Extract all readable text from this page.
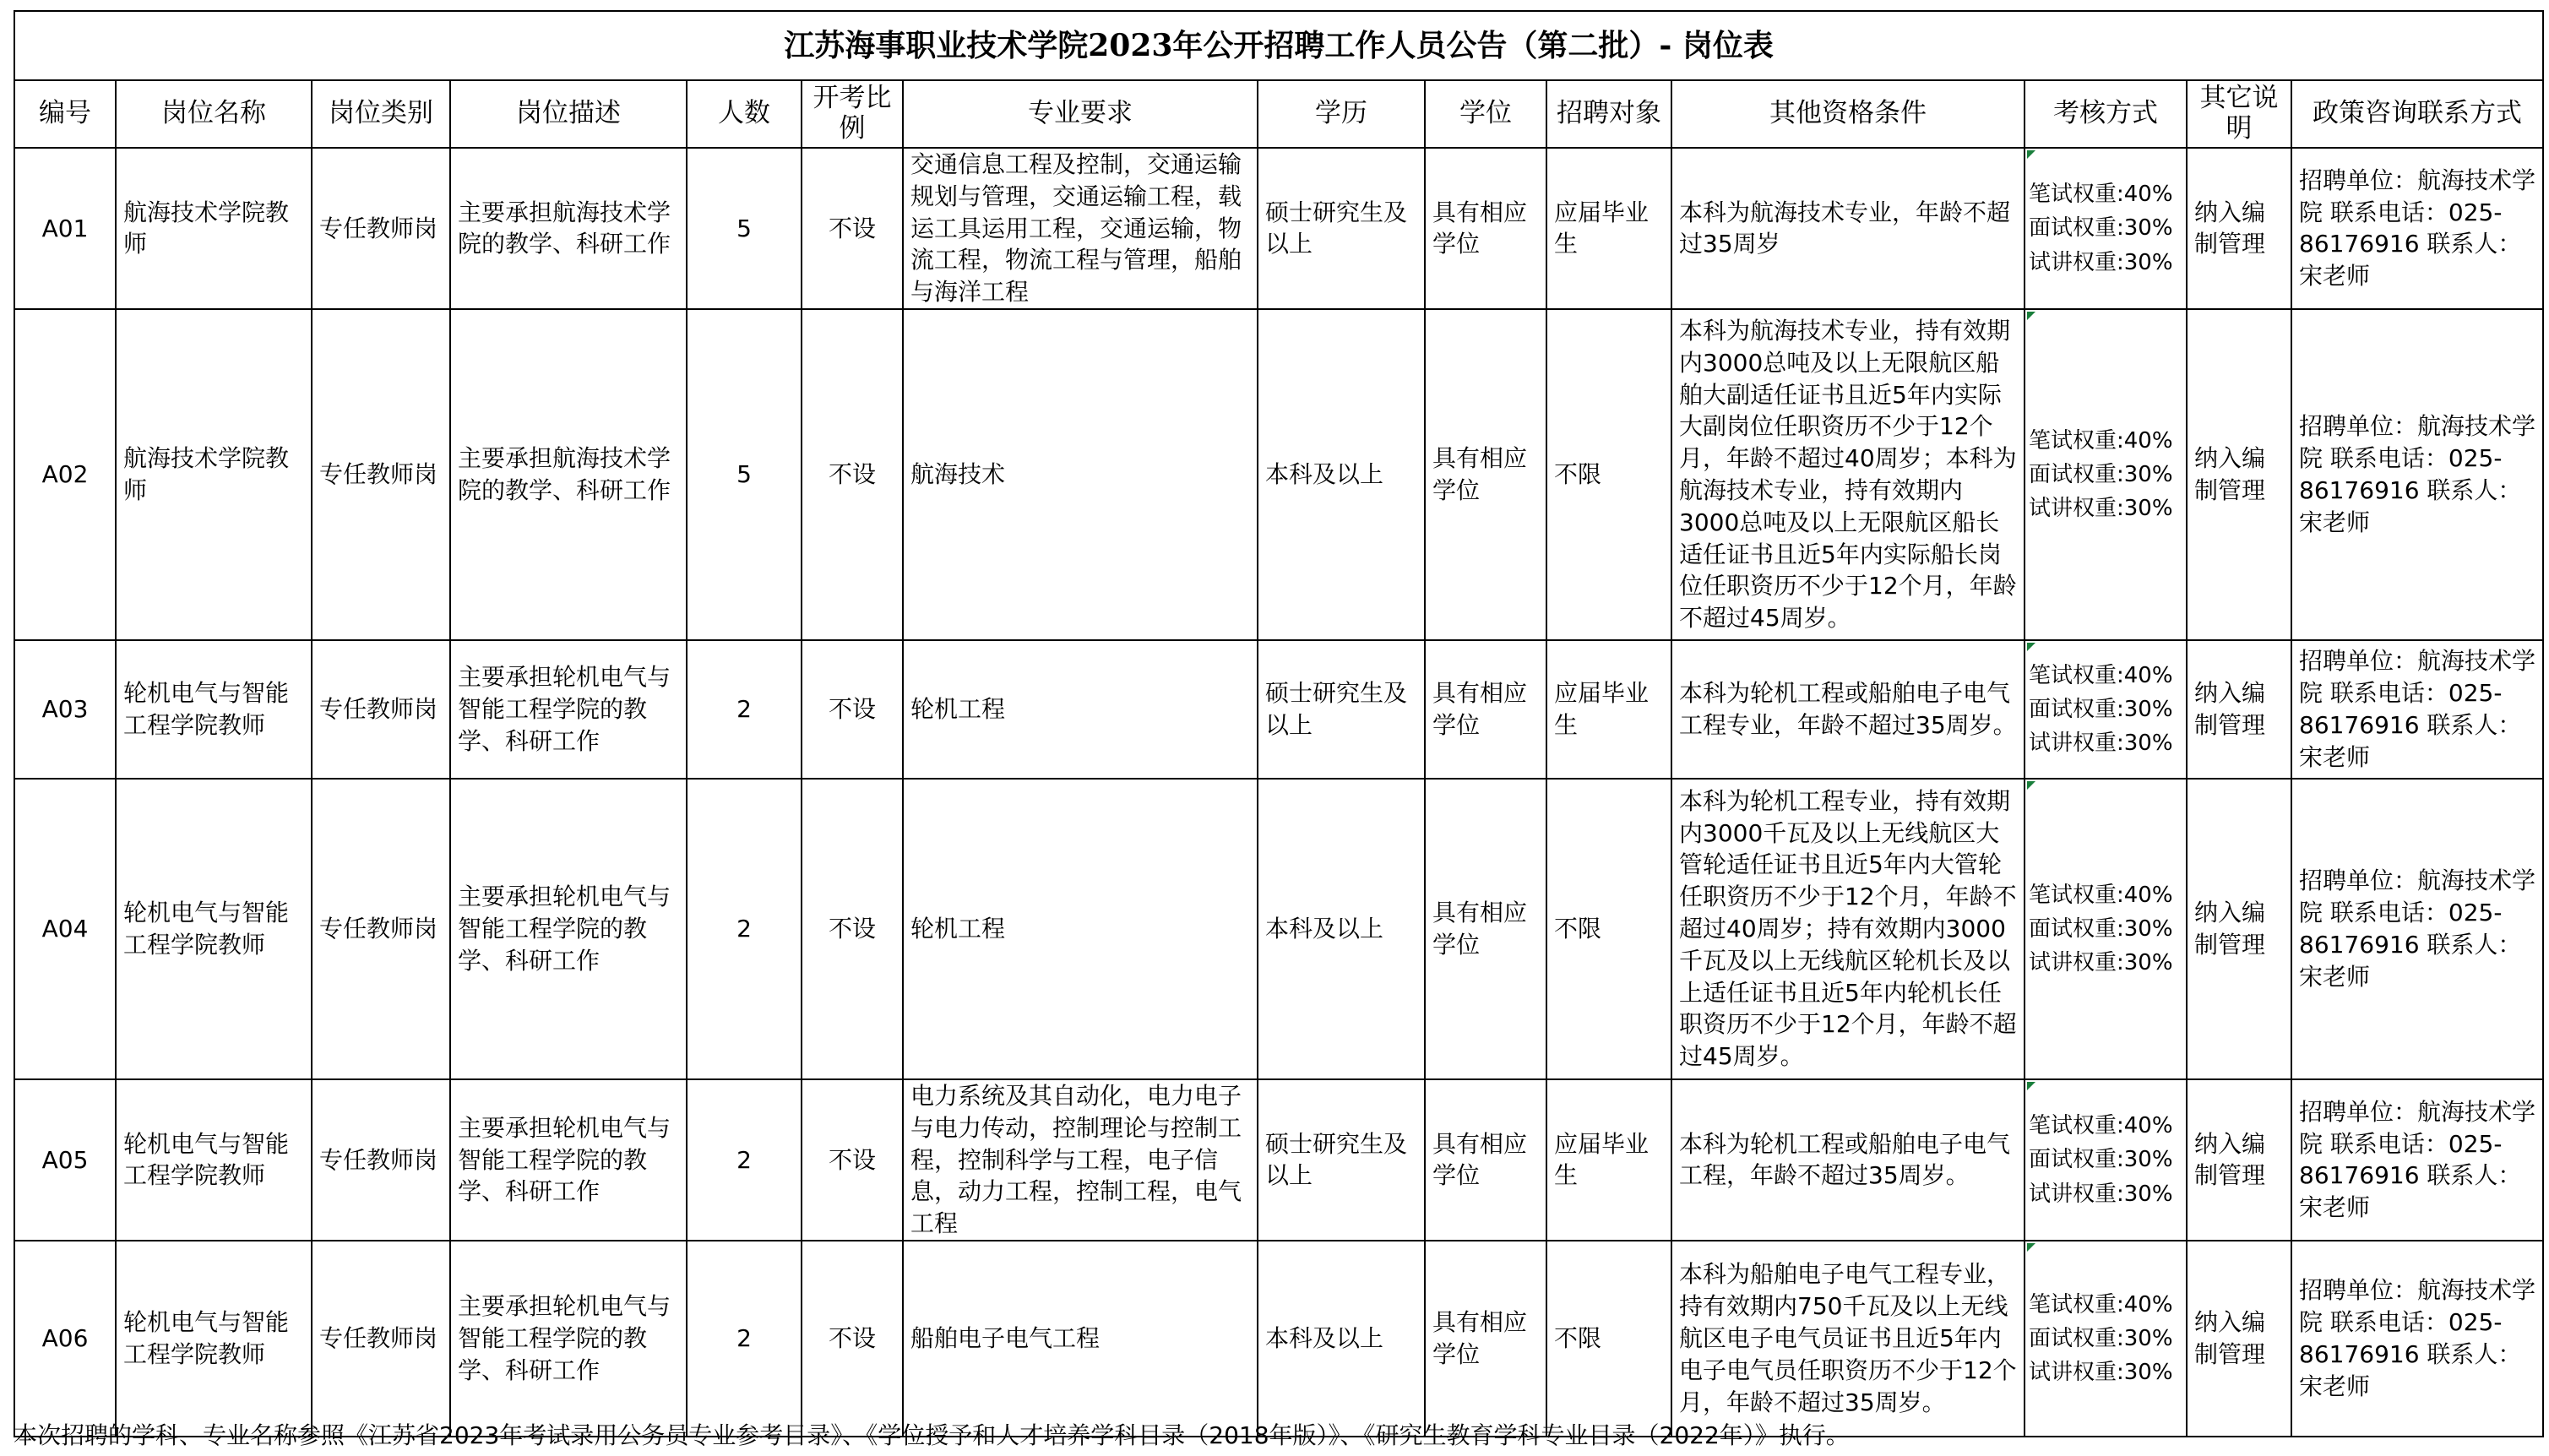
江苏海事职业技术学院2023年公开招聘工作人员公告（第二批）- 岗位表													
编号	岗位名称	岗位类别	岗位描述	人数	开考比例	专业要求	学历	学位	招聘对象	其他资格条件	考核方式	其它说明	政策咨询联系方式
A01	航海技术学院教师	专任教师岗	主要承担航海技术学院的教学、科研工作	5	不设	交通信息工程及控制，交通运输规划与管理，交通运输工程，载运工具运用工程，交通运输，物流工程，物流工程与管理，船舶与海洋工程	硕士研究生及以上	具有相应学位	应届毕业生	本科为航海技术专业，年龄不超过35周岁	笔试权重:40%
面试权重:30%
试讲权重:30%	纳入编制管理	招聘单位：航海技术学院 联系电话：025-86176916 联系人：宋老师
A02	航海技术学院教师	专任教师岗	主要承担航海技术学院的教学、科研工作	5	不设	航海技术	本科及以上	具有相应学位	不限	本科为航海技术专业，持有效期内3000总吨及以上无限航区船舶大副适任证书且近5年内实际大副岗位任职资历不少于12个月，年龄不超过40周岁；本科为航海技术专业，持有效期内3000总吨及以上无限航区船长适任证书且近5年内实际船长岗位任职资历不少于12个月，年龄不超过45周岁。	笔试权重:40%
面试权重:30%
试讲权重:30%	纳入编制管理	招聘单位：航海技术学院 联系电话：025-86176916 联系人：宋老师
A03	轮机电气与智能工程学院教师	专任教师岗	主要承担轮机电气与智能工程学院的教学、科研工作	2	不设	轮机工程	硕士研究生及以上	具有相应学位	应届毕业生	本科为轮机工程或船舶电子电气工程专业，年龄不超过35周岁。	笔试权重:40%
面试权重:30%
试讲权重:30%	纳入编制管理	招聘单位：航海技术学院 联系电话：025-86176916 联系人：宋老师
A04	轮机电气与智能工程学院教师	专任教师岗	主要承担轮机电气与智能工程学院的教学、科研工作	2	不设	轮机工程	本科及以上	具有相应学位	不限	本科为轮机工程专业，持有效期内3000千瓦及以上无线航区大管轮适任证书且近5年内大管轮任职资历不少于12个月，年龄不超过40周岁；持有效期内3000千瓦及以上无线航区轮机长及以上适任证书且近5年内轮机长任职资历不少于12个月，年龄不超过45周岁。	笔试权重:40%
面试权重:30%
试讲权重:30%	纳入编制管理	招聘单位：航海技术学院 联系电话：025-86176916 联系人：宋老师
A05	轮机电气与智能工程学院教师	专任教师岗	主要承担轮机电气与智能工程学院的教学、科研工作	2	不设	电力系统及其自动化，电力电子与电力传动，控制理论与控制工程，控制科学与工程，电子信息，动力工程，控制工程，电气工程	硕士研究生及以上	具有相应学位	应届毕业生	本科为轮机工程或船舶电子电气工程，年龄不超过35周岁。	笔试权重:40%
面试权重:30%
试讲权重:30%	纳入编制管理	招聘单位：航海技术学院 联系电话：025-86176916 联系人：宋老师
A06	轮机电气与智能工程学院教师	专任教师岗	主要承担轮机电气与智能工程学院的教学、科研工作	2	不设	船舶电子电气工程	本科及以上	具有相应学位	不限	本科为船舶电子电气工程专业，持有效期内750千瓦及以上无线航区电子电气员证书且近5年内电子电气员任职资历不少于12个月，年龄不超过35周岁。	笔试权重:40%
面试权重:30%
试讲权重:30%	纳入编制管理	招聘单位：航海技术学院 联系电话：025-86176916 联系人：宋老师
本次招聘的学科、专业名称参照《江苏省2023年考试录用公务员专业参考目录》、《学位授予和人才培养学科目录（2018年版）》、《研究生教育学科专业目录（2022年）》执行。
